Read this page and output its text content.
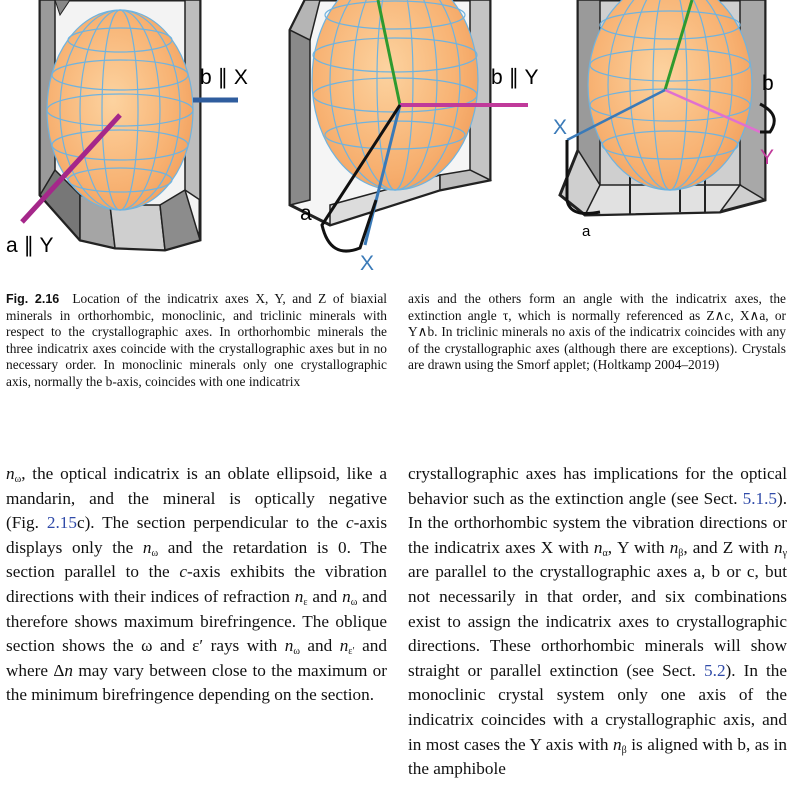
b ∥ X
a ∥ Y
b ∥ Y
a
X
b
X
Y
a
Fig. 2.16 Location of the indicatrix axes X, Y, and Z of biaxial minerals in orthorhombic, monoclinic, and triclinic minerals with respect to the crystallographic axes. In orthorhombic minerals the three indicatrix axes coincide with the crystallographic axes but in no necessary order. In monoclinic minerals only one crystallographic axis, normally the b-axis, coincides with one indicatrix
axis and the others form an angle with the indicatrix axes, the extinction angle τ, which is normally referenced as Z∧c, X∧a, or Y∧b. In triclinic minerals no axis of the indicatrix coincides with any of the crystallographic axes (although there are exceptions). Crystals are drawn using the Smorf applet; (Holtkamp 2004–2019)
$n_\omega$, the optical indicatrix is an oblate ellipsoid, like a mandarin, and the mineral is optically negative (Fig. 2.15c). The section perpendicular to the c-axis displays only the $n_\omega$ and the retardation is 0. The section parallel to the c-axis exhibits the vibration directions with their indices of refraction $n_\varepsilon$ and $n_\omega$ and therefore shows maximum birefringence. The oblique section shows the ω and ε′ rays with $n_\omega$ and $n_{\varepsilon'}$ and where Δn may vary between close to the maximum or the minimum birefringence depending on the section.
crystallographic axes has implications for the optical behavior such as the extinction angle (see Sect. 5.1.5). In the orthorhombic system the vibration directions or the indicatrix axes X with $n_\alpha$, Y with $n_\beta$, and Z with $n_\gamma$ are parallel to the crystallographic axes a, b or c, but not necessarily in that order, and six combinations exist to assign the indicatrix axes to crystallographic directions. These orthorhombic minerals will show straight or parallel extinction (see Sect. 5.2). In the monoclinic crystal system only one axis of the indicatrix coincides with a crystallographic axis, and in most cases the Y axis with $n_\beta$ is aligned with b, as in the amphibole
